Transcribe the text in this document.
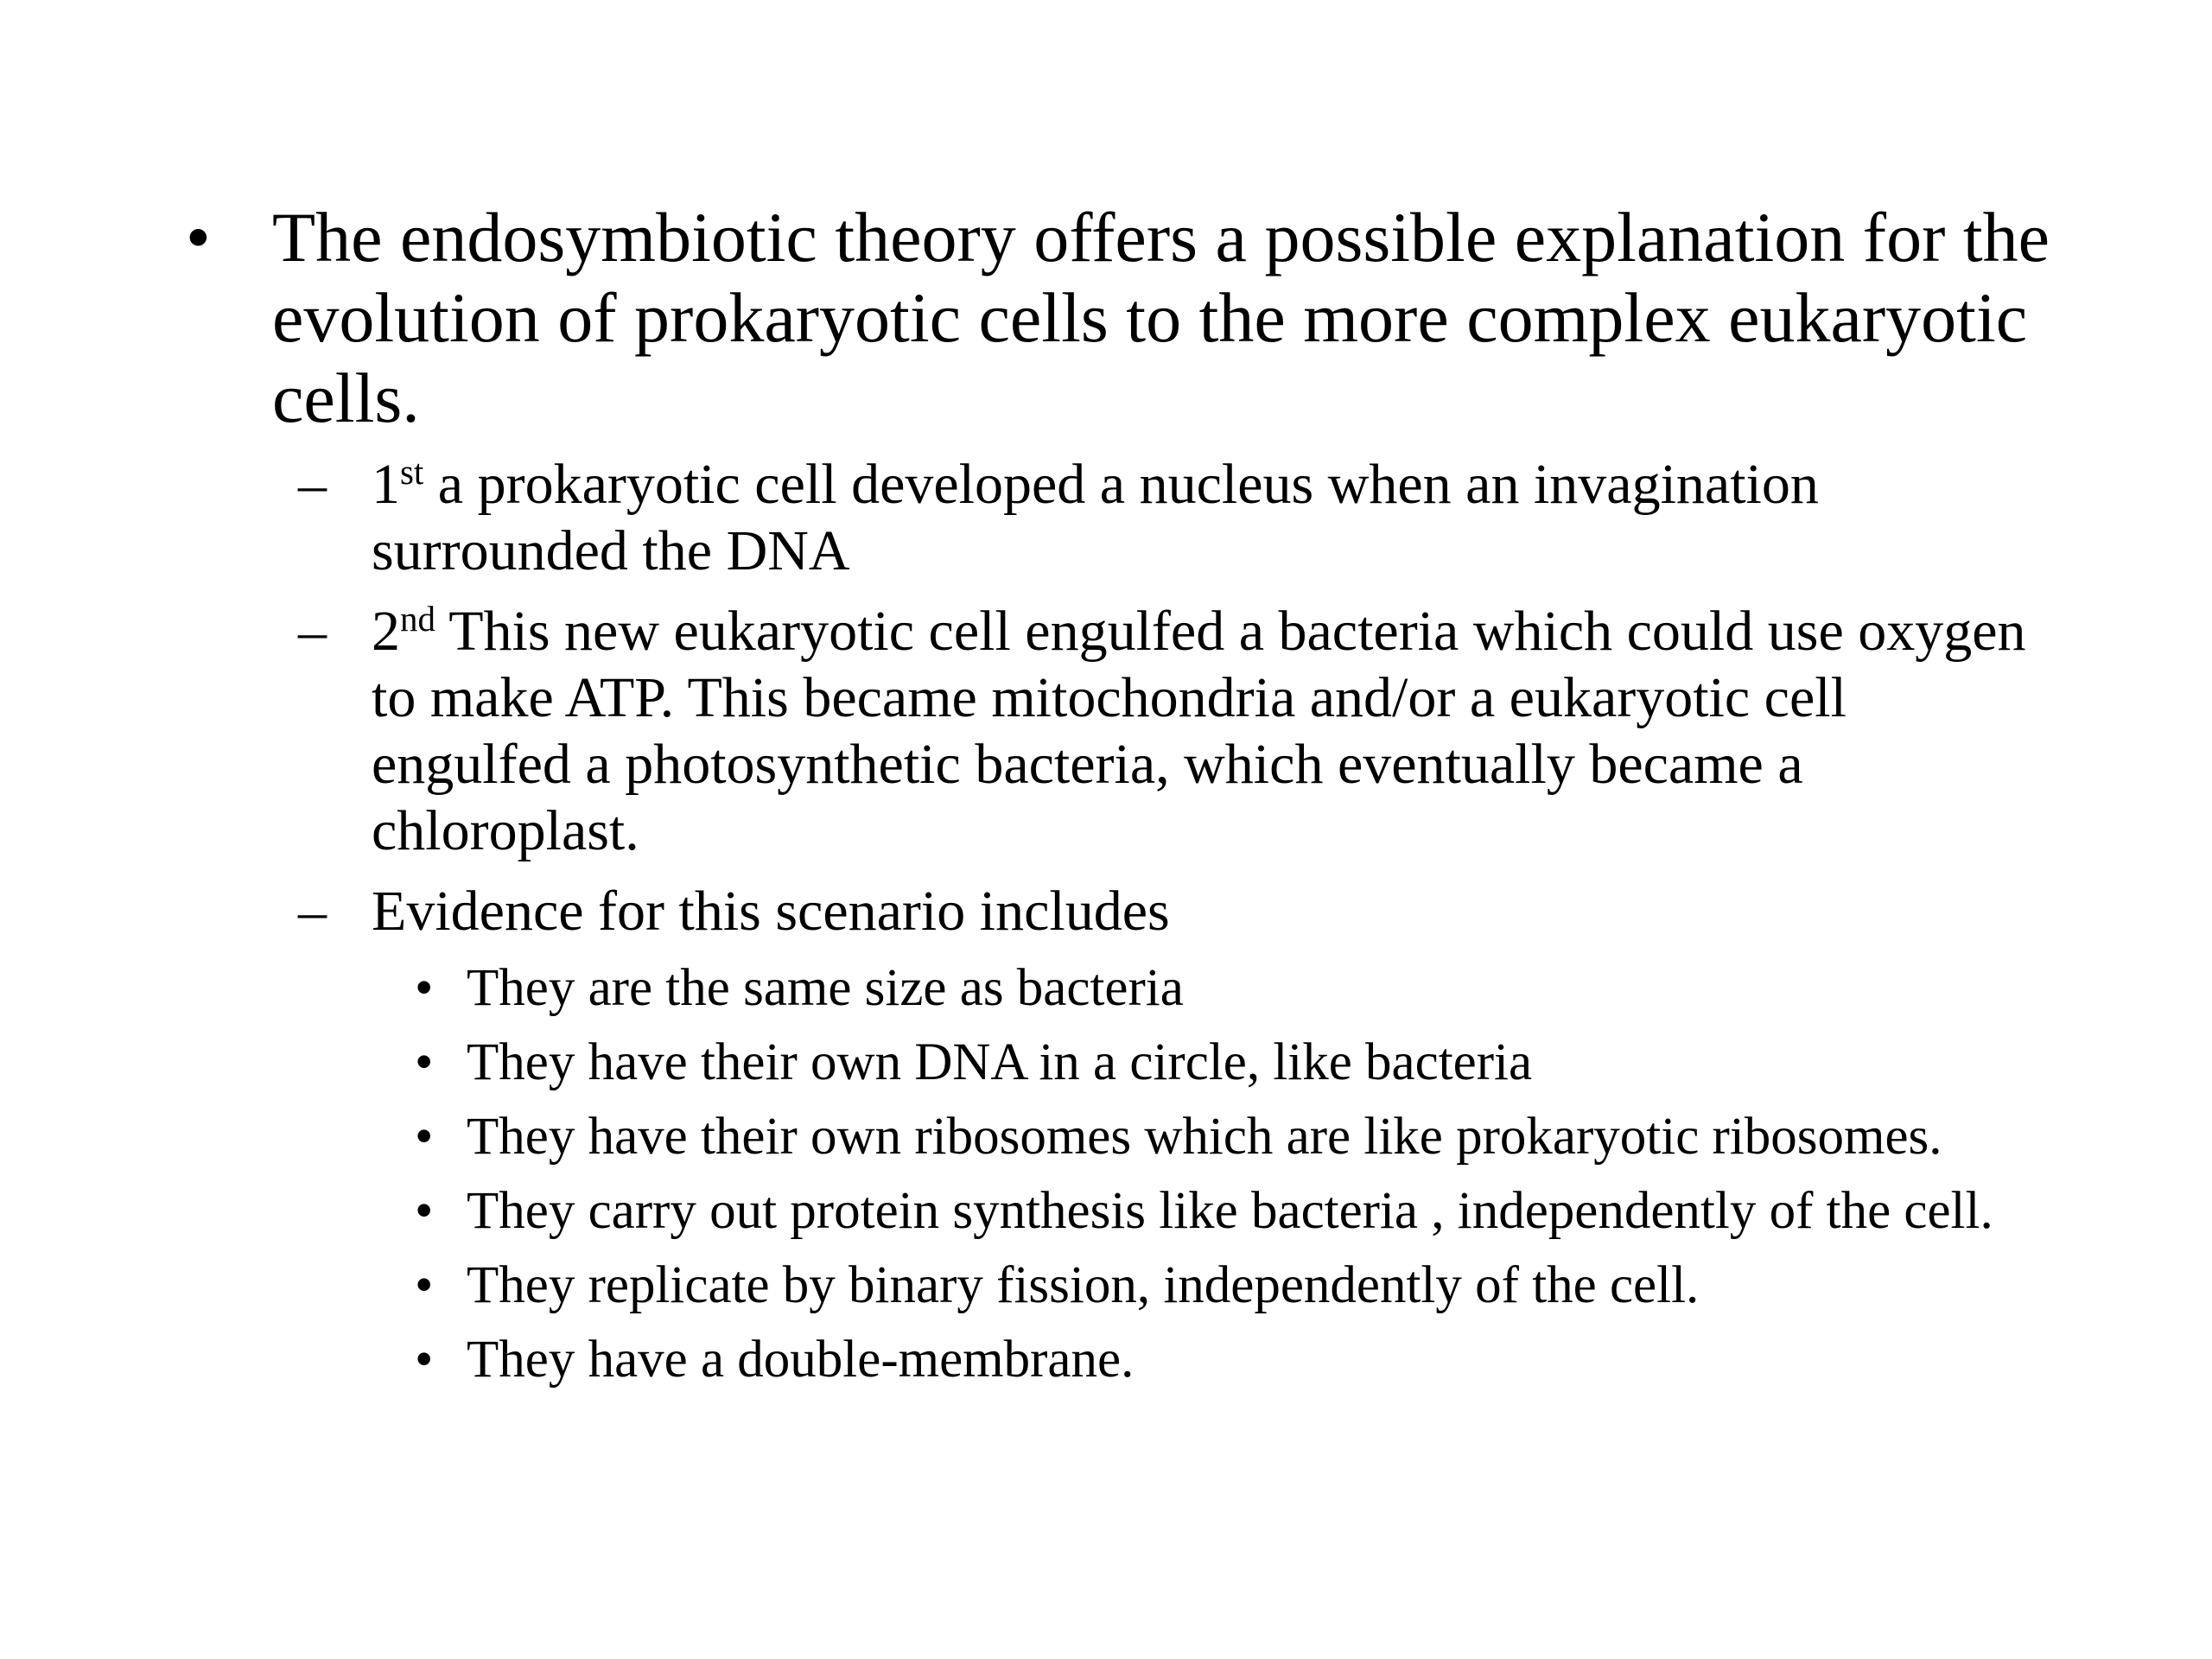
• The endosymbiotic theory offers a possible explanation for the evolution of prokaryotic cells to the more complex eukaryotic cells.
– 1st a prokaryotic cell developed a nucleus when an invagination surrounded the DNA
– 2nd This new eukaryotic cell engulfed a bacteria which could use oxygen to make ATP. This became mitochondria and/or a eukaryotic cell engulfed a photosynthetic bacteria, which eventually became a chloroplast.
– Evidence for this scenario includes
• They are the same size as bacteria
• They have their own DNA in a circle, like bacteria
• They have their own ribosomes which are like prokaryotic ribosomes.
• They carry out protein synthesis like bacteria , independently of the cell.
• They replicate by binary fission, independently of the cell.
• They have a double-membrane.
